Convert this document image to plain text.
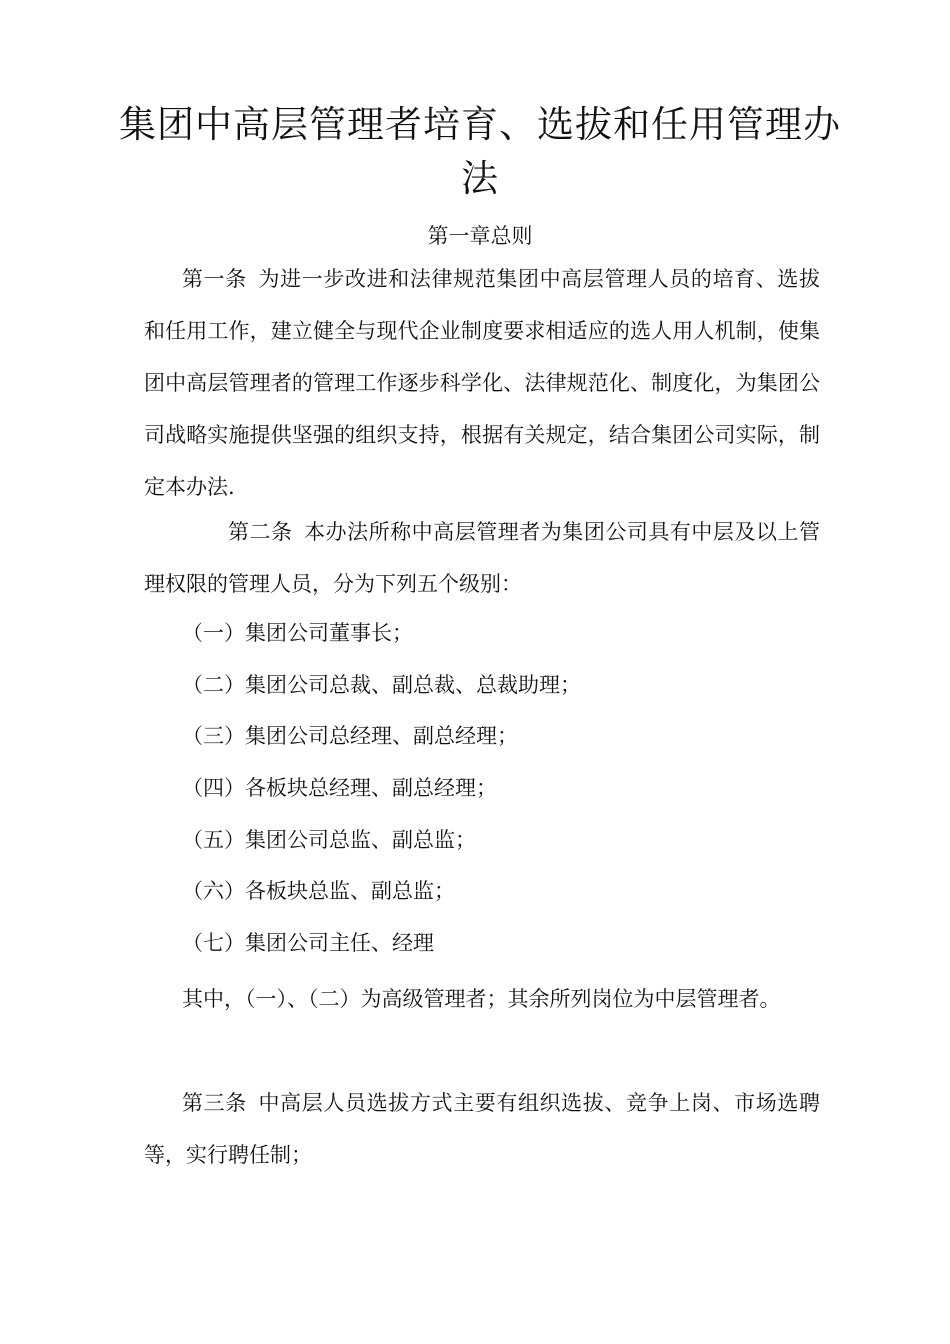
集团中高层管理者培育、选拔和任用管理办法
第一章总则

第一条 为进一步改进和法律规范集团中高层管理人员的培育、选拔和任用工作，建立健全与现代企业制度要求相适应的选人用人机制，使集团中高层管理者的管理工作逐步科学化、法律规范化、制度化，为集团公司战略实施提供坚强的组织支持，根据有关规定，结合集团公司实际，制定本办法.

第二条 本办法所称中高层管理者为集团公司具有中层及以上管理权限的管理人员，分为下列五个级别：

（一）集团公司董事长；
（二）集团公司总裁、副总裁、总裁助理；
（三）集团公司总经理、副总经理；
（四）各板块总经理、副总经理；
（五）集团公司总监、副总监；
（六）各板块总监、副总监；
（七）集团公司主任、经理

其中，（一）、（二）为高级管理者；其余所列岗位为中层管理者。

第三条 中高层人员选拔方式主要有组织选拔、竞争上岗、市场选聘等，实行聘任制；
